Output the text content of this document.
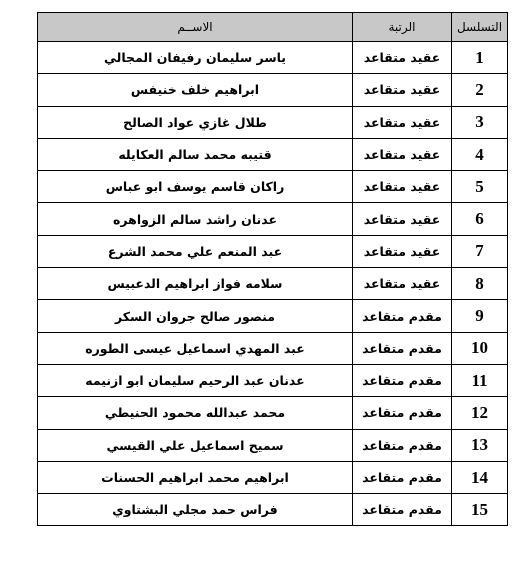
التسلسل	الرتبة	الاســم
1	عقيد متقاعد	ياسر سليمان رفيفان المجالي
2	عقيد متقاعد	ابراهيم خلف خنيفس
3	عقيد متقاعد	طلال غازي عواد الصالح
4	عقيد متقاعد	قتيبه محمد سالم العكايله
5	عقيد متقاعد	راكان قاسم يوسف ابو عباس
6	عقيد متقاعد	عدنان راشد سالم الزواهره
7	عقيد متقاعد	عبد المنعم علي محمد الشرع
8	عقيد متقاعد	سلامه فواز ابراهيم الدعبيس
9	مقدم متقاعد	منصور صالح جروان السكر
10	مقدم متقاعد	عبد المهدي اسماعيل عيسى الطوره
11	مقدم متقاعد	عدنان عبد الرحيم سليمان ابو ازنيمه
12	مقدم متقاعد	محمد عبدالله محمود الحنيطي
13	مقدم متقاعد	سميح اسماعيل علي القيسي
14	مقدم متقاعد	ابراهيم محمد ابراهيم الحسنات
15	مقدم متقاعد	فراس حمد مجلي البشتاوي
